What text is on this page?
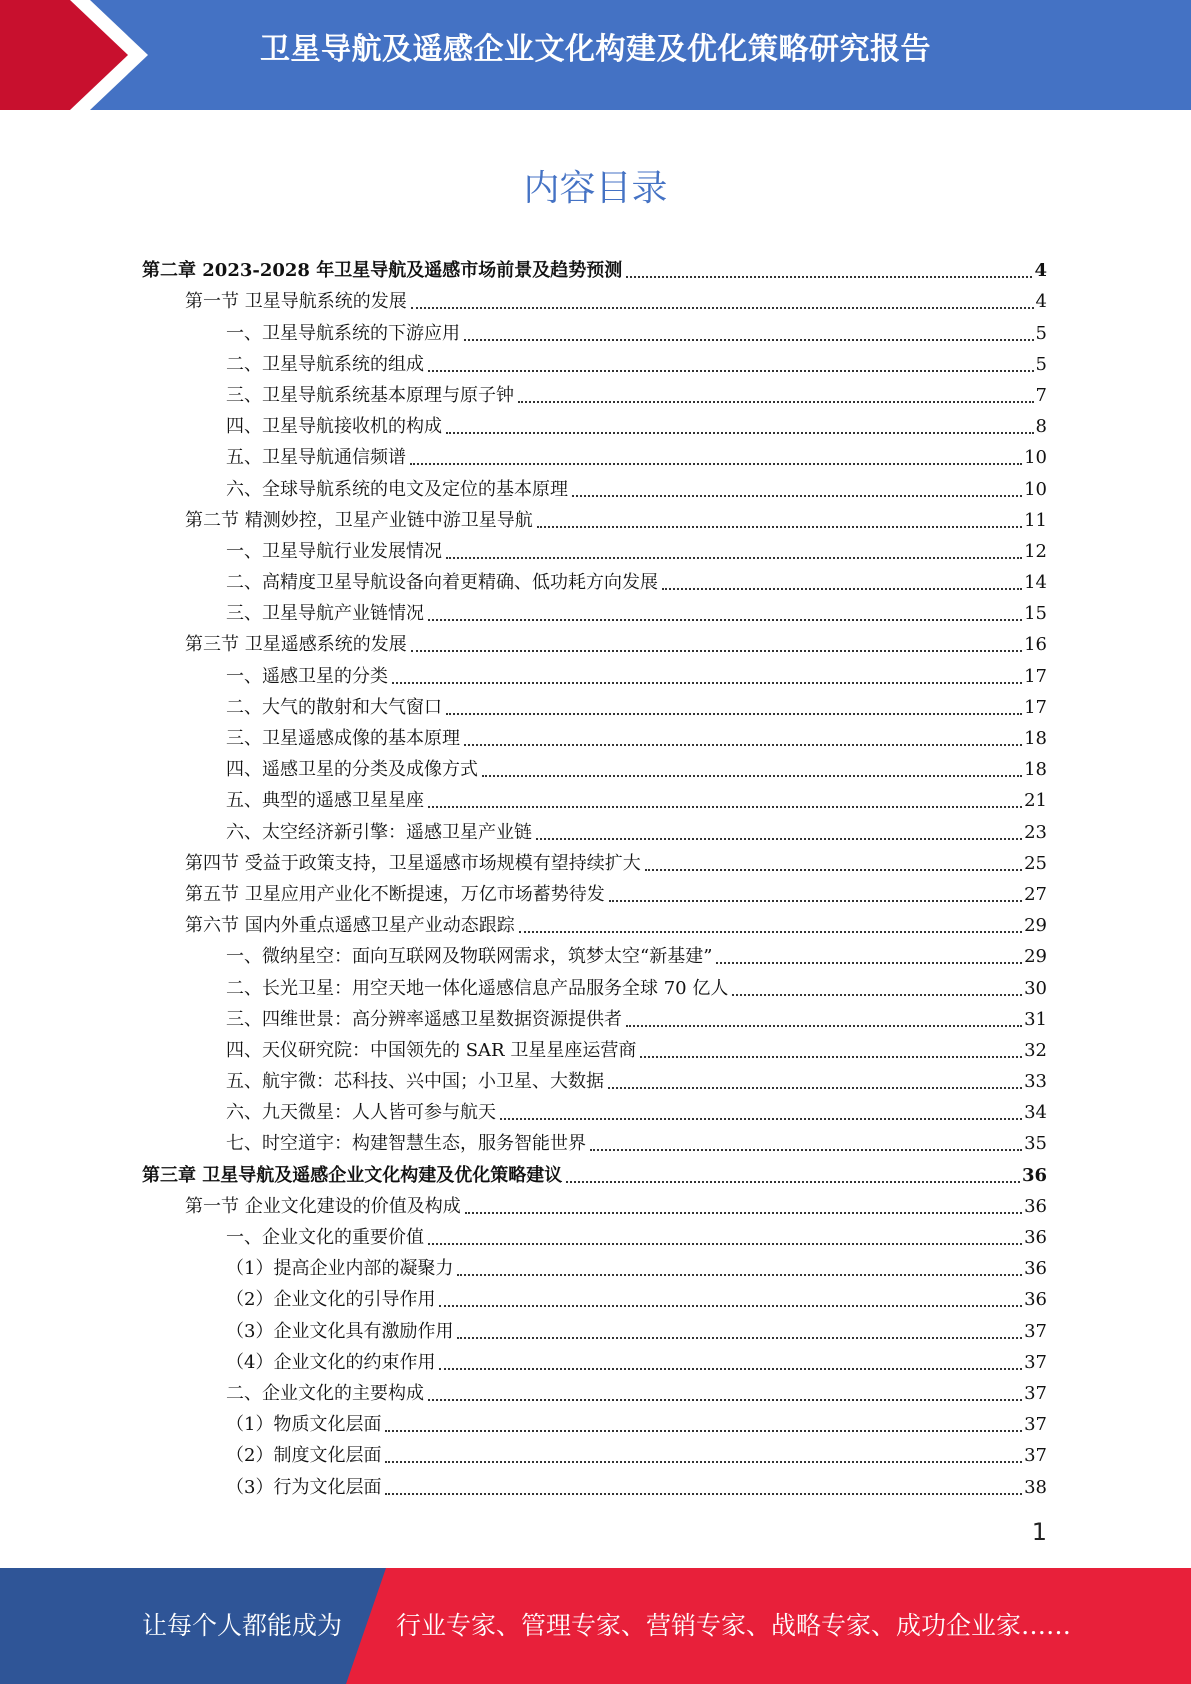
卫星导航及遥感企业文化构建及优化策略研究报告
内容目录
第二章 2023-2028 年卫星导航及遥感市场前景及趋势预测	4
第一节 卫星导航系统的发展	4
一、卫星导航系统的下游应用	5
二、卫星导航系统的组成	5
三、卫星导航系统基本原理与原子钟	7
四、卫星导航接收机的构成	8
五、卫星导航通信频谱	10
六、全球导航系统的电文及定位的基本原理	10
第二节 精测妙控，卫星产业链中游卫星导航	11
一、卫星导航行业发展情况	12
二、高精度卫星导航设备向着更精确、低功耗方向发展	14
三、卫星导航产业链情况	15
第三节 卫星遥感系统的发展	16
一、遥感卫星的分类	17
二、大气的散射和大气窗口	17
三、卫星遥感成像的基本原理	18
四、遥感卫星的分类及成像方式	18
五、典型的遥感卫星星座	21
六、太空经济新引擎：遥感卫星产业链	23
第四节 受益于政策支持，卫星遥感市场规模有望持续扩大	25
第五节 卫星应用产业化不断提速，万亿市场蓄势待发	27
第六节 国内外重点遥感卫星产业动态跟踪	29
一、微纳星空：面向互联网及物联网需求，筑梦太空“新基建”	29
二、长光卫星：用空天地一体化遥感信息产品服务全球 70 亿人	30
三、四维世景：高分辨率遥感卫星数据资源提供者	31
四、天仪研究院：中国领先的 SAR 卫星星座运营商	32
五、航宇微：芯科技、兴中国；小卫星、大数据	33
六、九天微星：人人皆可参与航天	34
七、时空道宇：构建智慧生态，服务智能世界	35
第三章 卫星导航及遥感企业文化构建及优化策略建议	36
第一节 企业文化建设的价值及构成	36
一、企业文化的重要价值	36
（1）提高企业内部的凝聚力	36
（2）企业文化的引导作用	36
（3）企业文化具有激励作用	37
（4）企业文化的约束作用	37
二、企业文化的主要构成	37
（1）物质文化层面	37
（2）制度文化层面	37
（3）行为文化层面	38
1
让每个人都能成为 行业专家、管理专家、营销专家、战略专家、成功企业家……
